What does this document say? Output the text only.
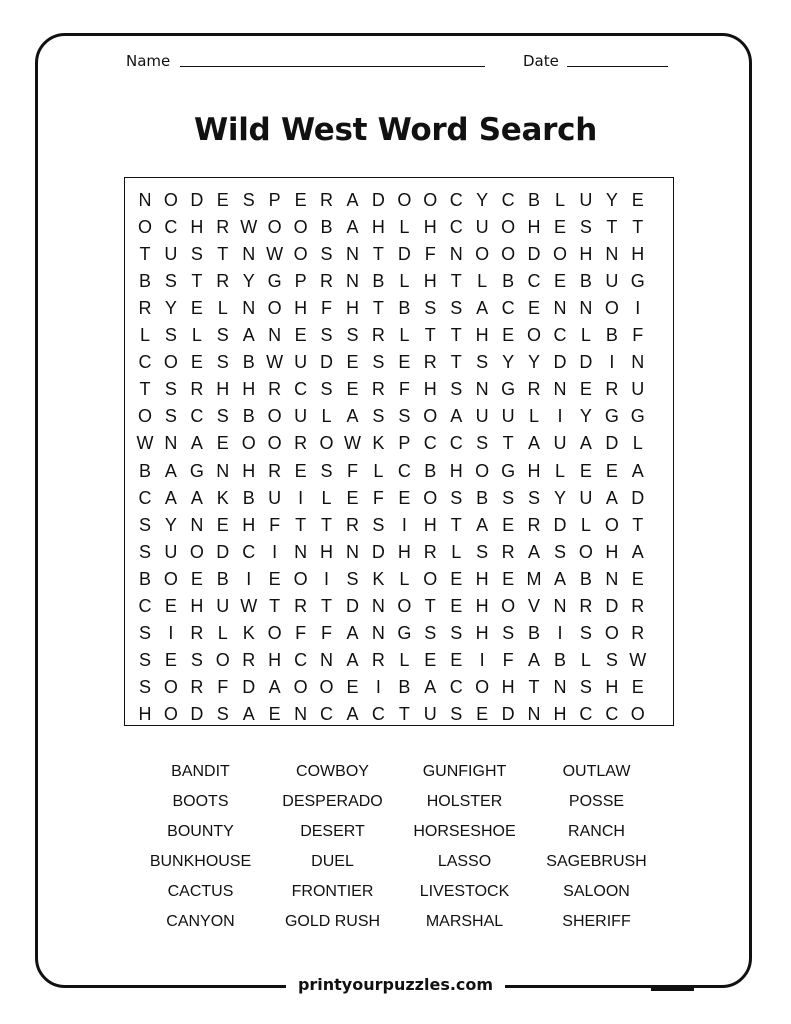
Name	Date
Wild West Word Search
N O D E S P E R A D O O C Y C B L U Y E
O C H R W O O B A H L H C U O H E S T T
T U S T N W O S N T D F N O O D O H N H
B S T R Y G P R N B L H T L B C E B U G
R Y E L N O H F H T B S S A C E N N O I
L S L S A N E S S R L T T H E O C L B F
C O E S B W U D E S E R T S Y Y D D I N
T S R H H R C S E R F H S N G R N E R U
O S C S B O U L A S S O A U U L	I Y G G
W N A E O O R O W K P C C S T A U A D L
B A G N H R E S F L C B H O G H L E E A
C A A K B U I	L E F E O S B S S Y U A D
S Y N E H F T T R S I H T A E R D L O T
S U O D C I N H N D H R L S R A S O H A
B O E B I E O I S K L O E H E M A B N E
C E H U W T R T D N O T E H O V N R D R
S I R L K O F F A N G S S H S B I S O R
S E S O R H C N A R L E E I F A B L S W
S O R F D A O O E I B A C O H T N S H E
H O D S A E N C A C T U S E D N H C C O
BANDIT
BOOTS
BOUNTY
BUNKHOUSE
CACTUS
CANYON
COWBOY
DESPERADO
DESERT
DUEL
FRONTIER
GOLD RUSH
GUNFIGHT
HOLSTER
HORSESHOE
LASSO
LIVESTOCK
MARSHAL
OUTLAW
POSSE
RANCH
SAGEBRUSH
SALOON
SHERIFF
printyourpuzzles.com
